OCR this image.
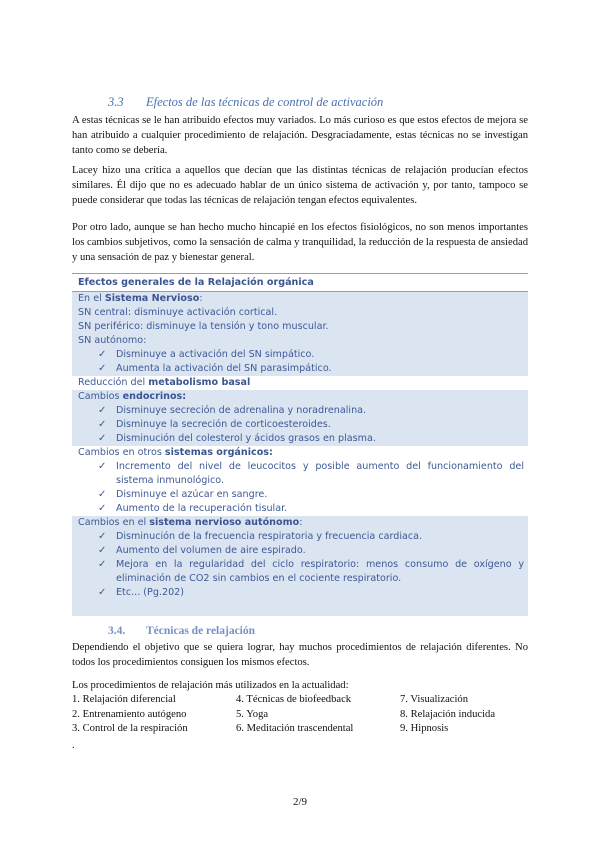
3.3 Efectos de las técnicas de control de activación

A estas técnicas se le han atribuido efectos muy variados. Lo más curioso es que estos efectos de mejora se han atribuido a cualquier procedimiento de relajación. Desgraciadamente, estas técnicas no se investigan tanto como se debería.

Lacey hizo una crítica a aquellos que decían que las distintas técnicas de relajación producían efectos similares. Él dijo que no es adecuado hablar de un único sistema de activación y, por tanto, tampoco se puede considerar que todas las técnicas de relajación tengan efectos equivalentes.

Por otro lado, aunque se han hecho mucho hincapié en los efectos fisiológicos, no son menos importantes los cambios subjetivos, como la sensación de calma y tranquilidad, la reducción de la respuesta de ansiedad y una sensación de paz y bienestar general.

Efectos generales de la Relajación orgánica
En el Sistema Nervioso:
SN central: disminuye activación cortical.
SN periférico: disminuye la tensión y tono muscular.
SN autónomo:
✓	Disminuye a activación del SN simpático.
✓	Aumenta la activación del SN parasimpático.
Reducción del metabolismo basal
Cambios endocrinos:
✓	Disminuye secreción de adrenalina y noradrenalina.
✓	Disminuye la secreción de corticoesteroides.
✓	Disminución del colesterol y ácidos grasos en plasma.
Cambios en otros sistemas orgánicos:
✓	Incremento del nivel de leucocitos y posible aumento del funcionamiento del sistema inmunológico.
✓	Disminuye el azúcar en sangre.
✓	Aumento de la recuperación tisular.
Cambios en el sistema nervioso autónomo:
✓	Disminución de la frecuencia respiratoria y frecuencia cardiaca.
✓	Aumento del volumen de aire espirado.
✓	Mejora en la regularidad del ciclo respiratorio: menos consumo de oxígeno y eliminación de CO2 sin cambios en el cociente respiratorio.
✓	Etc... (Pg.202)
3.4. Técnicas de relajación

Dependiendo el objetivo que se quiera lograr, hay muchos procedimientos de relajación diferentes. No todos los procedimientos consiguen los mismos efectos.

Los procedimientos de relajación más utilizados en la actualidad:

1. Relajación diferencial
2. Entrenamiento autógeno
3. Control de la respiración
4. Técnicas de biofeedback
5. Yoga
6. Meditación trascendental
7. Visualización
8. Relajación inducida
9. Hipnosis
.
2/9
